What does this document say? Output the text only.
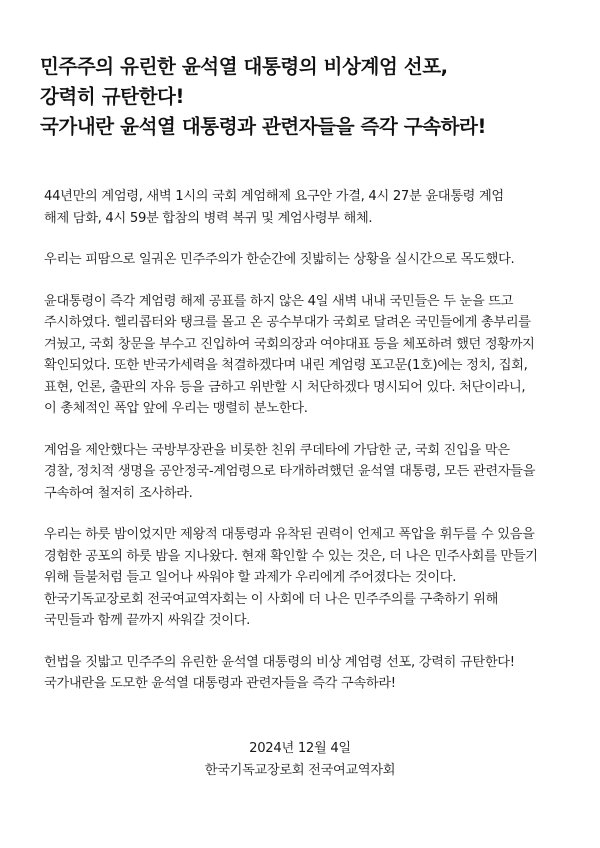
민주주의 유린한 윤석열 대통령의 비상계엄 선포,
강력히 규탄한다!
국가내란 윤석열 대통령과 관련자들을 즉각 구속하라!

44년만의 계엄령, 새벽 1시의 국회 계엄해제 요구안 가결, 4시 27분 윤대통령 계엄
해제 담화, 4시 59분 합참의 병력 복귀 및 계엄사령부 해체.

우리는 피땀으로 일궈온 민주주의가 한순간에 짓밟히는 상황을 실시간으로 목도했다.

윤대통령이 즉각 계엄령 해제 공표를 하지 않은 4일 새벽 내내 국민들은 두 눈을 뜨고
주시하였다. 헬리콥터와 탱크를 몰고 온 공수부대가 국회로 달려온 국민들에게 총부리를
겨눴고, 국회 창문을 부수고 진입하여 국회의장과 여야대표 등을 체포하려 했던 정황까지
확인되었다. 또한 반국가세력을 척결하겠다며 내린 계엄령 포고문(1호)에는 정치, 집회,
표현, 언론, 출판의 자유 등을 금하고 위반할 시 처단하겠다 명시되어 있다. 처단이라니,
이 총체적인 폭압 앞에 우리는 맹렬히 분노한다.

계엄을 제안했다는 국방부장관을 비롯한 친위 쿠데타에 가담한 군, 국회 진입을 막은
경찰, 정치적 생명을 공안정국-계엄령으로 타개하려했던 윤석열 대통령, 모든 관련자들을
구속하여 철저히 조사하라.

우리는 하룻 밤이었지만 제왕적 대통령과 유착된 권력이 언제고 폭압을 휘두를 수 있음을
경험한 공포의 하룻 밤을 지나왔다. 현재 확인할 수 있는 것은, 더 나은 민주사회를 만들기
위해 들불처럼 들고 일어나 싸워야 할 과제가 우리에게 주어졌다는 것이다.
한국기독교장로회 전국여교역자회는 이 사회에 더 나은 민주주의를 구축하기 위해
국민들과 함께 끝까지 싸워갈 것이다.

헌법을 짓밟고 민주주의 유린한 윤석열 대통령의 비상 계엄령 선포, 강력히 규탄한다!
국가내란을 도모한 윤석열 대통령과 관련자들을 즉각 구속하라!

2024년 12월 4일
한국기독교장로회 전국여교역자회
